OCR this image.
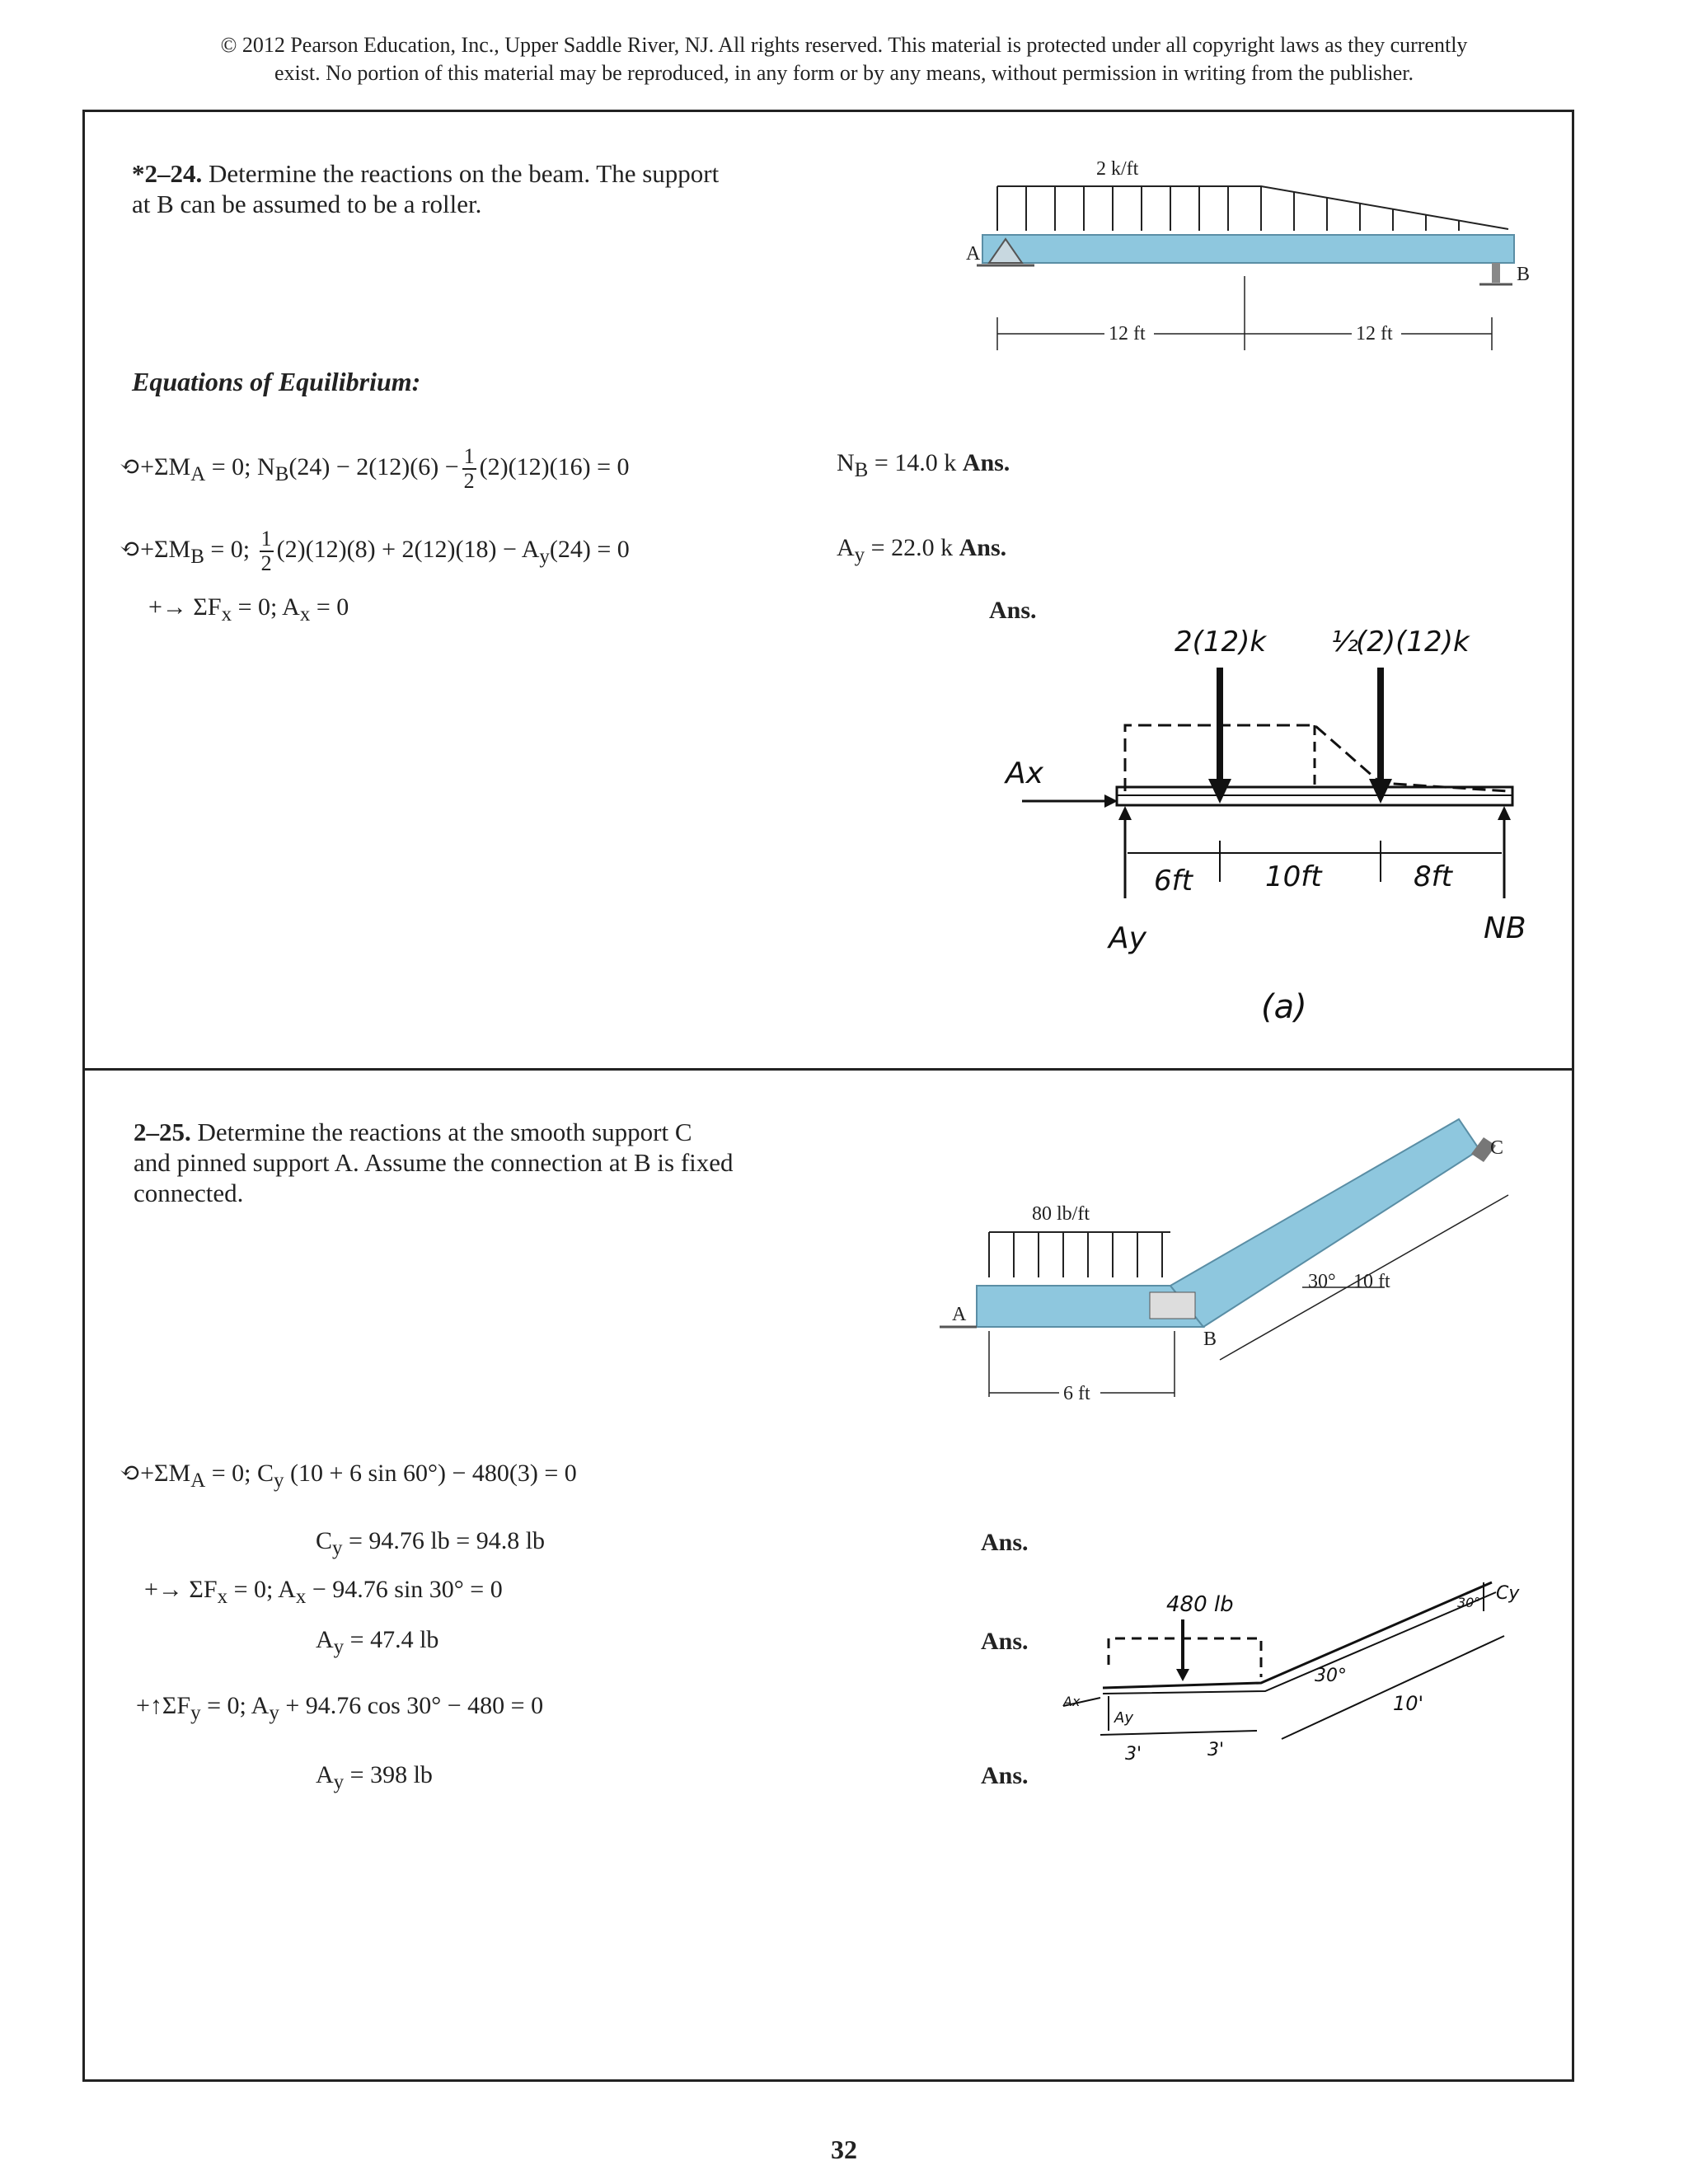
© 2012 Pearson Education, Inc., Upper Saddle River, NJ. All rights reserved. This material is protected under all copyright laws as they currently
exist. No portion of this material may be reproduced, in any form or by any means, without permission in writing from the publisher.
*2–24. Determine the reactions on the beam. The support
at B can be assumed to be a roller.
Equations of Equilibrium:
$⟲+\Sigma M_A = 0$; $N_B(24) - 2(12)(6) - \frac{1}{2} (2)(12)(16) = 0$	$N_B = 14.0$ k Ans.
$⟲+\Sigma M_B = 0$; $\frac{1}{2} (2)(12)(8) + 2(12)(18) - A_y(24) = 0$	$A_y = 22.0$ k Ans.
+→ $\Sigma F_x = 0$; $A_x = 0$	Ans.
2 k/ft
A
B
12 ft	12 ft
2(12)k ½
(2)(12)k
Ax
Ay	NB
6ft	10ft	8ft
(a)
2–25. Determine the reactions at the smooth support C
and pinned support A. Assume the connection at B is fixed
connected.
$⟲+\Sigma M_A = 0$; $C_y$ (10 + 6 sin 60°) − 480(3) = 0
$C_y = 94.76$ lb = 94.8 lb	Ans.
+→ $\Sigma F_x = 0$; $A_x - 94.76$ sin 30° = 0
$A_y = 47.4$ lb	Ans.
$+↑\Sigma F_y = 0$; $A_y + 94.76$ cos 30° − 480 = 0
$A_y = 398$ lb	Ans.
80 lb/ft
A
B
C
6 ft
30° 10 ft
480 lb
30°
30°
Ax
Ay
Cy
3'	3'
10'
32
